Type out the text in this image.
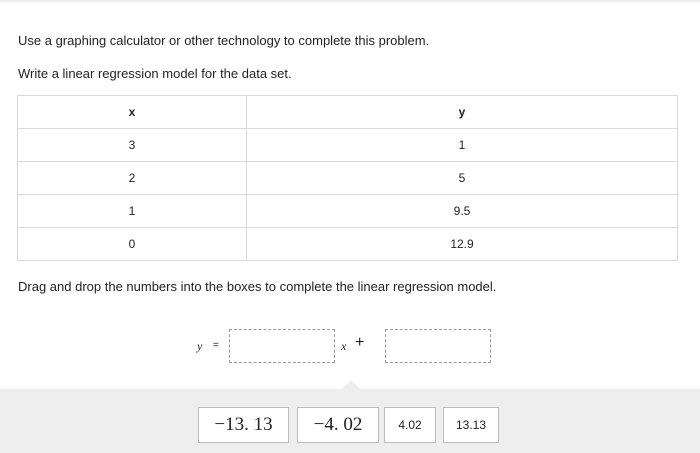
Use a graphing calculator or other technology to complete this problem.
Write a linear regression model for the data set.
x	y
3	1
2	5
1	9.5
0	12.9
Drag and drop the numbers into the boxes to complete the linear regression model.
y =	x +
−13. 13	−4. 02	4.02	13.13
